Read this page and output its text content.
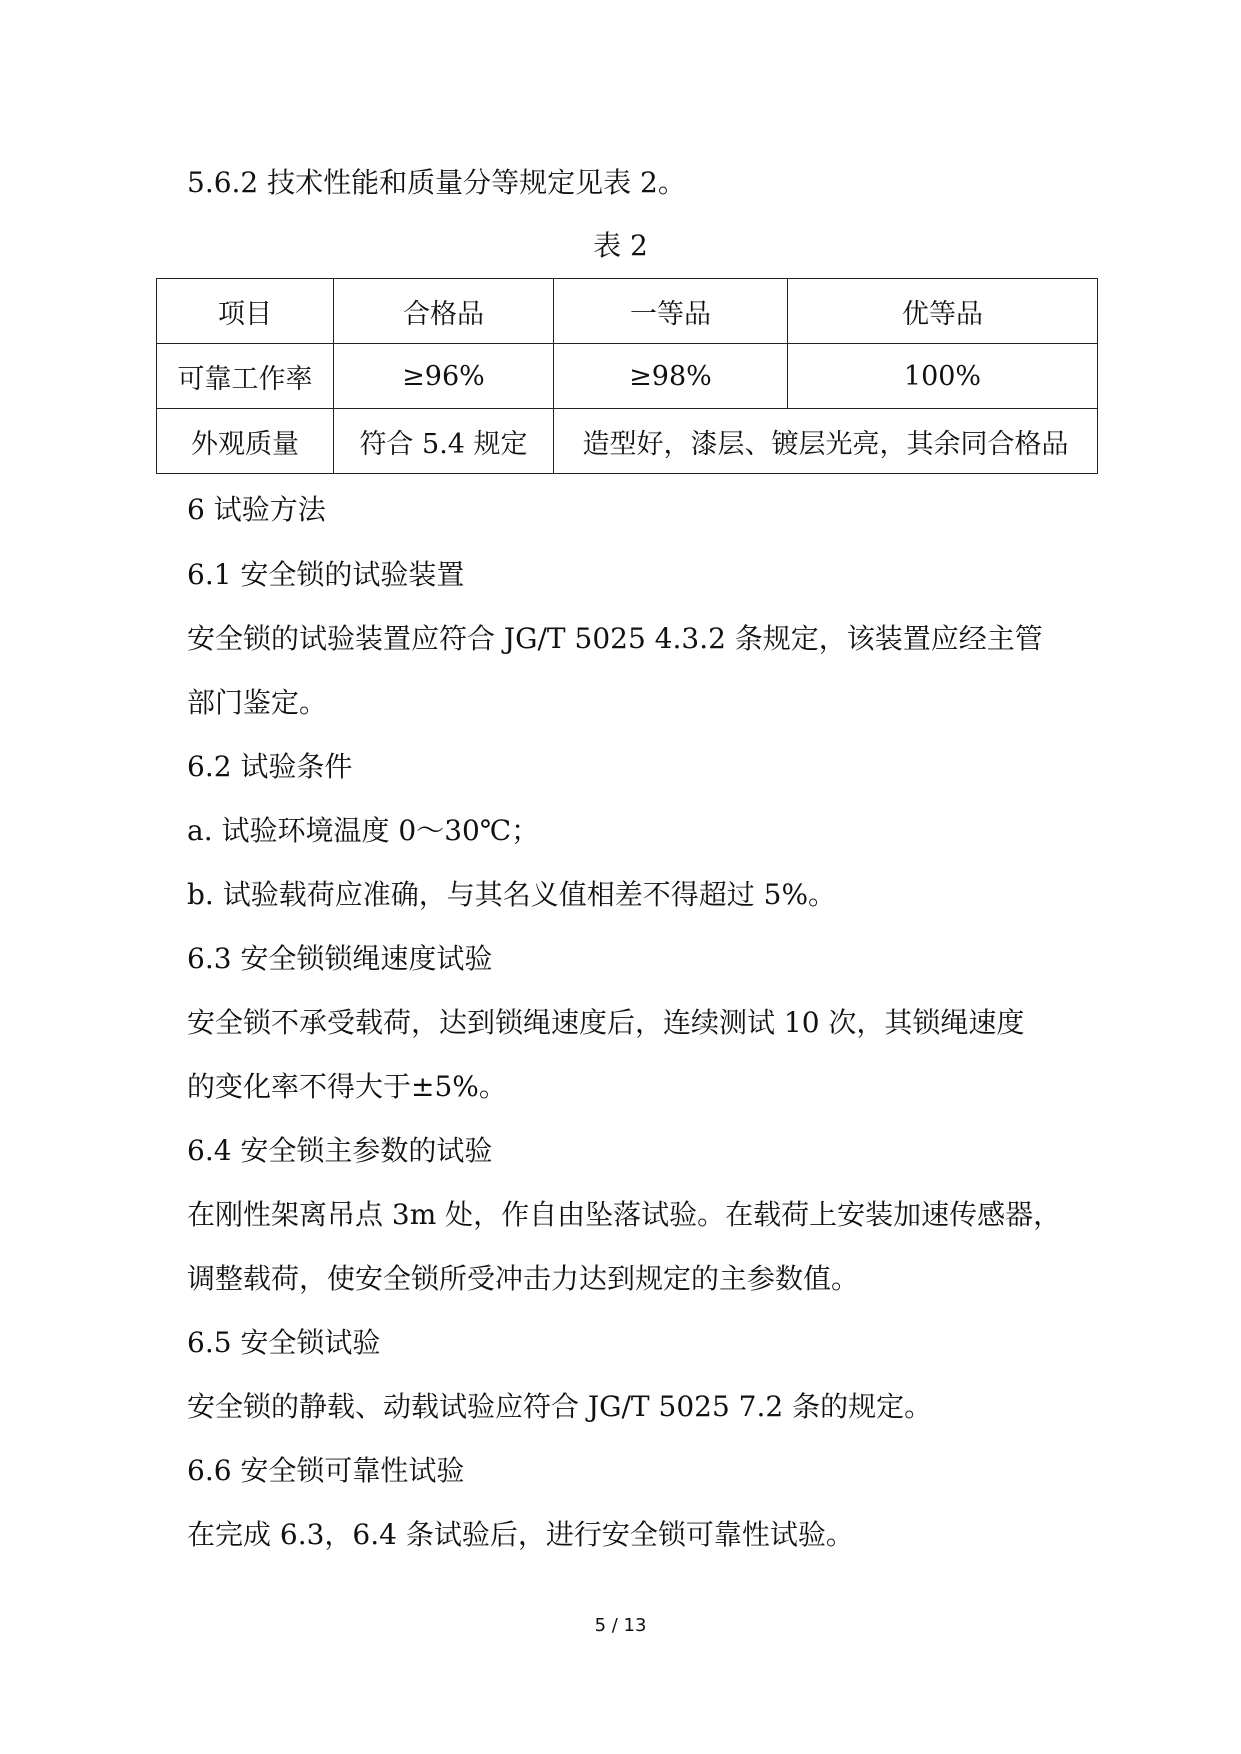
5.6.2 技术性能和质量分等规定见表 2。
表 2
项目	合格品	一等品	优等品
可靠工作率	≥96%	≥98%	100%
外观质量	符合 5.4 规定	造型好，漆层、镀层光亮，其余同合格品	
6 试验方法
6.1 安全锁的试验装置
安全锁的试验装置应符合 JG/T 5025 4.3.2 条规定，该装置应经主管
部门鉴定。
6.2 试验条件
a. 试验环境温度 0～30℃；
b. 试验载荷应准确，与其名义值相差不得超过 5%。
6.3 安全锁锁绳速度试验
安全锁不承受载荷，达到锁绳速度后，连续测试 10 次，其锁绳速度
的变化率不得大于±5%。
6.4 安全锁主参数的试验
在刚性架离吊点 3m 处，作自由坠落试验。在载荷上安装加速传感器，
调整载荷，使安全锁所受冲击力达到规定的主参数值。
6.5 安全锁试验
安全锁的静载、动载试验应符合 JG/T 5025 7.2 条的规定。
6.6 安全锁可靠性试验
在完成 6.3，6.4 条试验后，进行安全锁可靠性试验。
5 / 13
